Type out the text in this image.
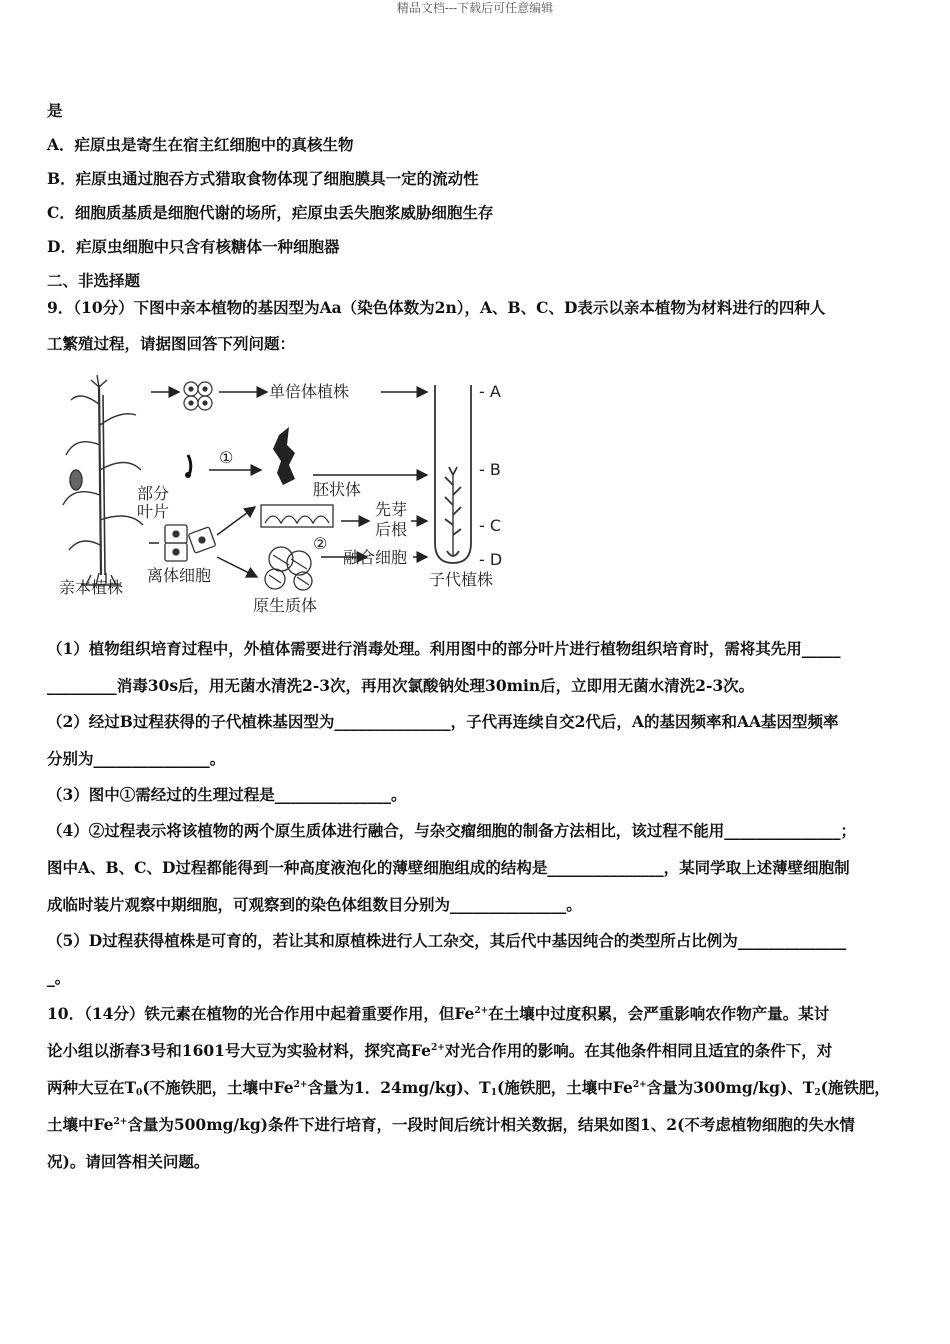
精品文档---下载后可任意编辑

是

A．疟原虫是寄生在宿主红细胞中的真核生物

B．疟原虫通过胞吞方式猎取食物体现了细胞膜具一定的流动性

C．细胞质基质是细胞代谢的场所，疟原虫丢失胞浆威胁细胞生存

D．疟原虫细胞中只含有核糖体一种细胞器

二、非选择题

9．（10分）下图中亲本植物的基因型为Aa（染色体数为2n），A、B、C、D表示以亲本植物为材料进行的四种人

工繁殖过程，请据图回答下列问题：

单倍体植株
①
胚状体
部分
叶片	先芽
后根
②
融合细胞
离体细胞
亲本植株
原生质体
子代植株
- A
- B
- C
- D

（1）植物组织培育过程中，外植体需要进行消毒处理。利用图中的部分叶片进行植物组织培育时，需将其先用_____

_________消毒30s后，用无菌水清洗2-3次，再用次氯酸钠处理30min后，立即用无菌水清洗2-3次。

（2）经过B过程获得的子代植株基因型为_______________，子代再连续自交2代后，A的基因频率和AA基因型频率

分别为_______________。

（3）图中①需经过的生理过程是_______________。

（4）②过程表示将该植物的两个原生质体进行融合，与杂交瘤细胞的制备方法相比，该过程不能用_______________；

图中A、B、C、D过程都能得到一种高度液泡化的薄壁细胞组成的结构是_______________，某同学取上述薄壁细胞制

成临时装片观察中期细胞，可观察到的染色体组数目分别为_______________。

（5）D过程获得植株是可育的，若让其和原植株进行人工杂交，其后代中基因纯合的类型所占比例为______________

_。

10．（14分）铁元素在植物的光合作用中起着重要作用，但$Fe^{2+}$在土壤中过度积累，会严重影响农作物产量。某讨

论小组以浙春3号和1601号大豆为实验材料，探究高$Fe^{2+}$对光合作用的影响。在其他条件相同且适宜的条件下，对

两种大豆在$T_0$(不施铁肥，土壤中$Fe^{2+}$含量为1．24mg/kg)、$T_1$(施铁肥，土壤中$Fe^{2+}$含量为300mg/kg)、$T_2$(施铁肥，

土壤中$Fe^{2+}$含量为500mg/kg)条件下进行培育，一段时间后统计相关数据，结果如图1、2(不考虑植物细胞的失水情

况)。请回答相关问题。
